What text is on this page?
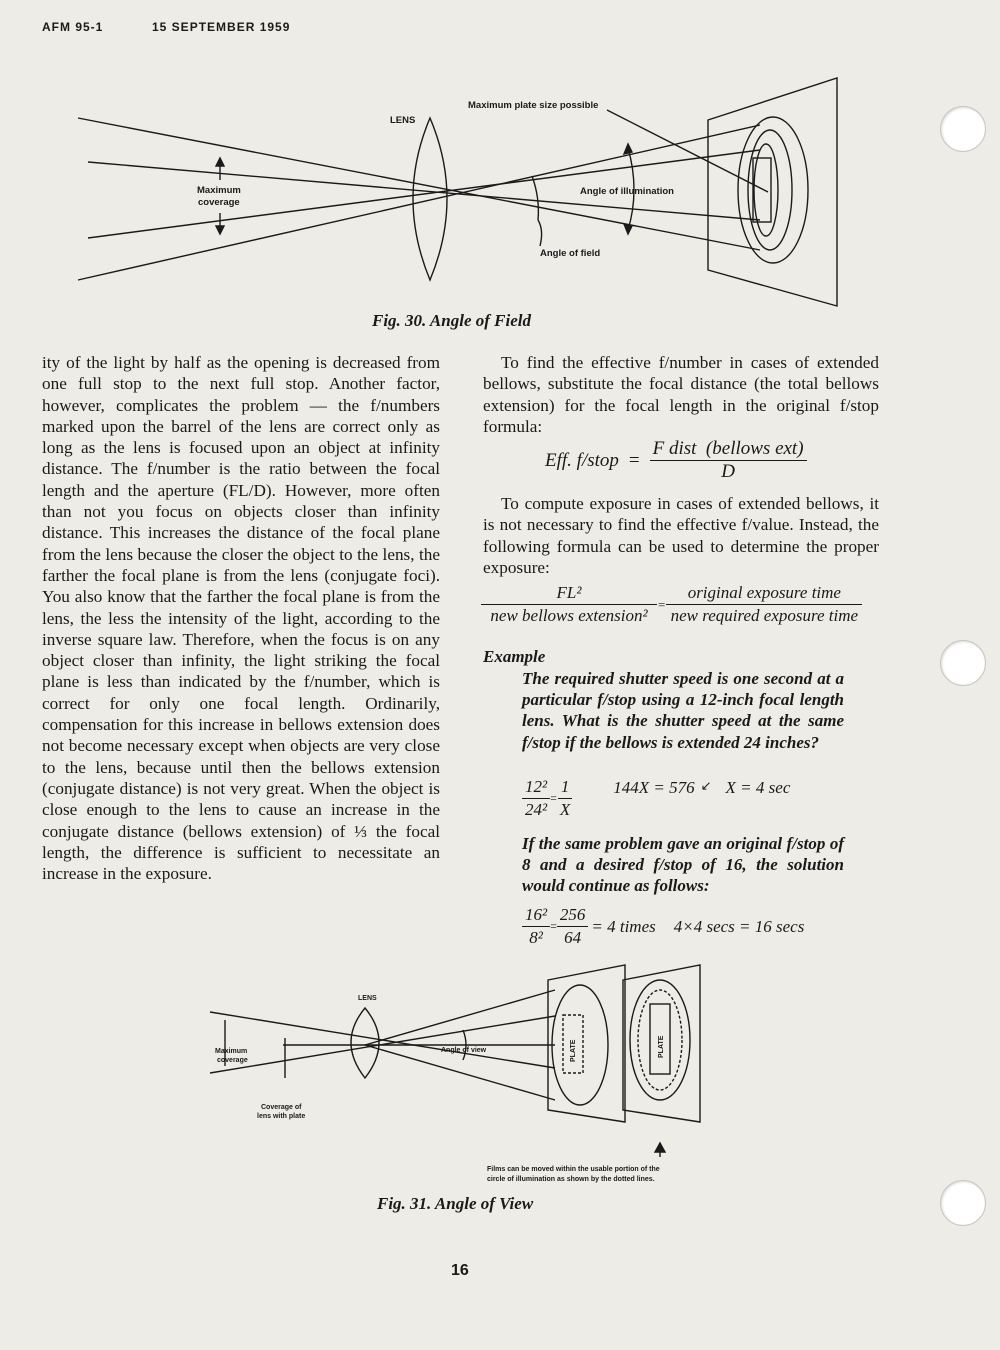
AFM 95-1	15 SEPTEMBER 1959
LENS
Maximum plate size possible
Maximum
coverage
Angle of illumination
Angle of field
Fig. 30. Angle of Field

ity of the light by half as the opening is decreased from one full stop to the next full stop. Another factor, however, complicates the problem — the f/numbers marked upon the barrel of the lens are correct only as long as the lens is focused upon an object at infinity distance. The f/number is the ratio between the focal length and the aperture (FL/D). However, more often than not you focus on objects closer than infinity distance. This increases the distance of the focal plane from the lens because the closer the object to the lens, the farther the focal plane is from the lens (conjugate foci). You also know that the farther the focal plane is from the lens, the less the intensity of the light, according to the inverse square law. Therefore, when the focus is on any object closer than infinity, the light striking the focal plane is less than indicated by the f/number, which is correct for only one focal length. Ordinarily, compensation for this increase in bellows extension does not become necessary except when objects are very close to the lens, because until then the bellows extension (conjugate distance) is not very great. When the object is close enough to the lens to cause an increase in the conjugate distance (bellows extension) of ⅓ the focal length, the difference is sufficient to necessitate an increase in the exposure.

To find the effective f/number in cases of extended bellows, substitute the focal distance (the total bellows extension) for the focal length in the original f/stop formula:

Eff. f/stop = $\frac{\text{F dist  (bellows ext)}}{D}$

To compute exposure in cases of extended bellows, it is not necessary to find the effective f/value. Instead, the following formula can be used to determine the proper exposure:

$\frac{\text{FL²}}{\text{new bellows extension²}} = \frac{\text{original exposure time}}{\text{new required exposure time}}$
Example
The required shutter speed is one second at a particular f/stop using a 12-inch focal length lens. What is the shutter speed at the same f/stop if the bellows is extended 24 inches?
$\frac{\text{12²}}{\text{24²}} = \frac{1}{X} 144X = 576$ ↙ X = 4 sec
If the same problem gave an original f/stop of 8 and a desired f/stop of 16, the solution would continue as follows:
$\frac{\text{16²}}{\text{8²}} = \frac{256}{64} = 4$ times 4×4 secs = 16 secs
PLATE	PLATE
LENS
Maximum
coverage
Coverage of
lens with plate
Angle of view
Films can be moved within the usable portion of the
circle of illumination as shown by the dotted lines.
Fig. 31. Angle of View
16
